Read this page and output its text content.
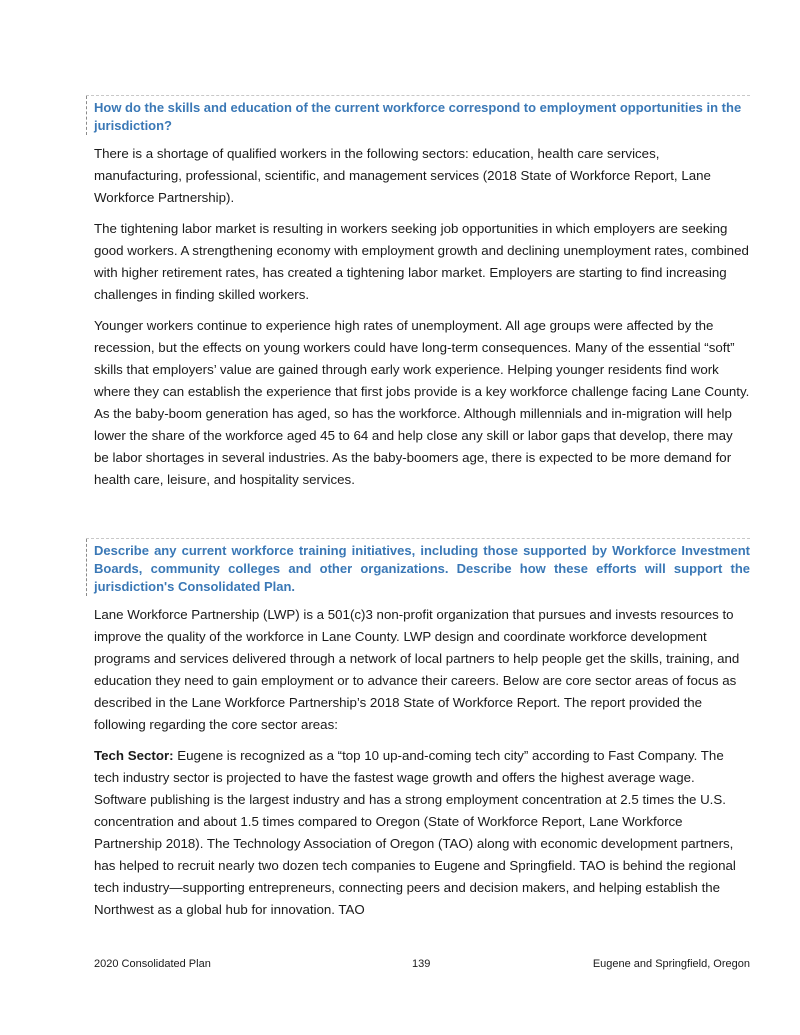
How do the skills and education of the current workforce correspond to employment opportunities in the jurisdiction?

There is a shortage of qualified workers in the following sectors: education, health care services, manufacturing, professional, scientific, and management services (2018 State of Workforce Report, Lane Workforce Partnership).

The tightening labor market is resulting in workers seeking job opportunities in which employers are seeking good workers. A strengthening economy with employment growth and declining unemployment rates, combined with higher retirement rates, has created a tightening labor market. Employers are starting to find increasing challenges in finding skilled workers.

Younger workers continue to experience high rates of unemployment. All age groups were affected by the recession, but the effects on young workers could have long-term consequences. Many of the essential “soft” skills that employers’ value are gained through early work experience. Helping younger residents find work where they can establish the experience that first jobs provide is a key workforce challenge facing Lane County. As the baby-boom generation has aged, so has the workforce. Although millennials and in-migration will help lower the share of the workforce aged 45 to 64 and help close any skill or labor gaps that develop, there may be labor shortages in several industries. As the baby-boomers age, there is expected to be more demand for health care, leisure, and hospitality services.

Describe any current workforce training initiatives, including those supported by Workforce Investment Boards, community colleges and other organizations. Describe how these efforts will support the jurisdiction's Consolidated Plan.

Lane Workforce Partnership (LWP) is a 501(c)3 non-profit organization that pursues and invests resources to improve the quality of the workforce in Lane County. LWP design and coordinate workforce development programs and services delivered through a network of local partners to help people get the skills, training, and education they need to gain employment or to advance their careers. Below are core sector areas of focus as described in the Lane Workforce Partnership’s 2018 State of Workforce Report. The report provided the following regarding the core sector areas:

Tech Sector: Eugene is recognized as a “top 10 up-and-coming tech city” according to Fast Company. The tech industry sector is projected to have the fastest wage growth and offers the highest average wage. Software publishing is the largest industry and has a strong employment concentration at 2.5 times the U.S. concentration and about 1.5 times compared to Oregon (State of Workforce Report, Lane Workforce Partnership 2018). The Technology Association of Oregon (TAO) along with economic development partners, has helped to recruit nearly two dozen tech companies to Eugene and Springfield. TAO is behind the regional tech industry—supporting entrepreneurs, connecting peers and decision makers, and helping establish the Northwest as a global hub for innovation. TAO

2020 Consolidated Plan	139	Eugene and Springfield, Oregon
